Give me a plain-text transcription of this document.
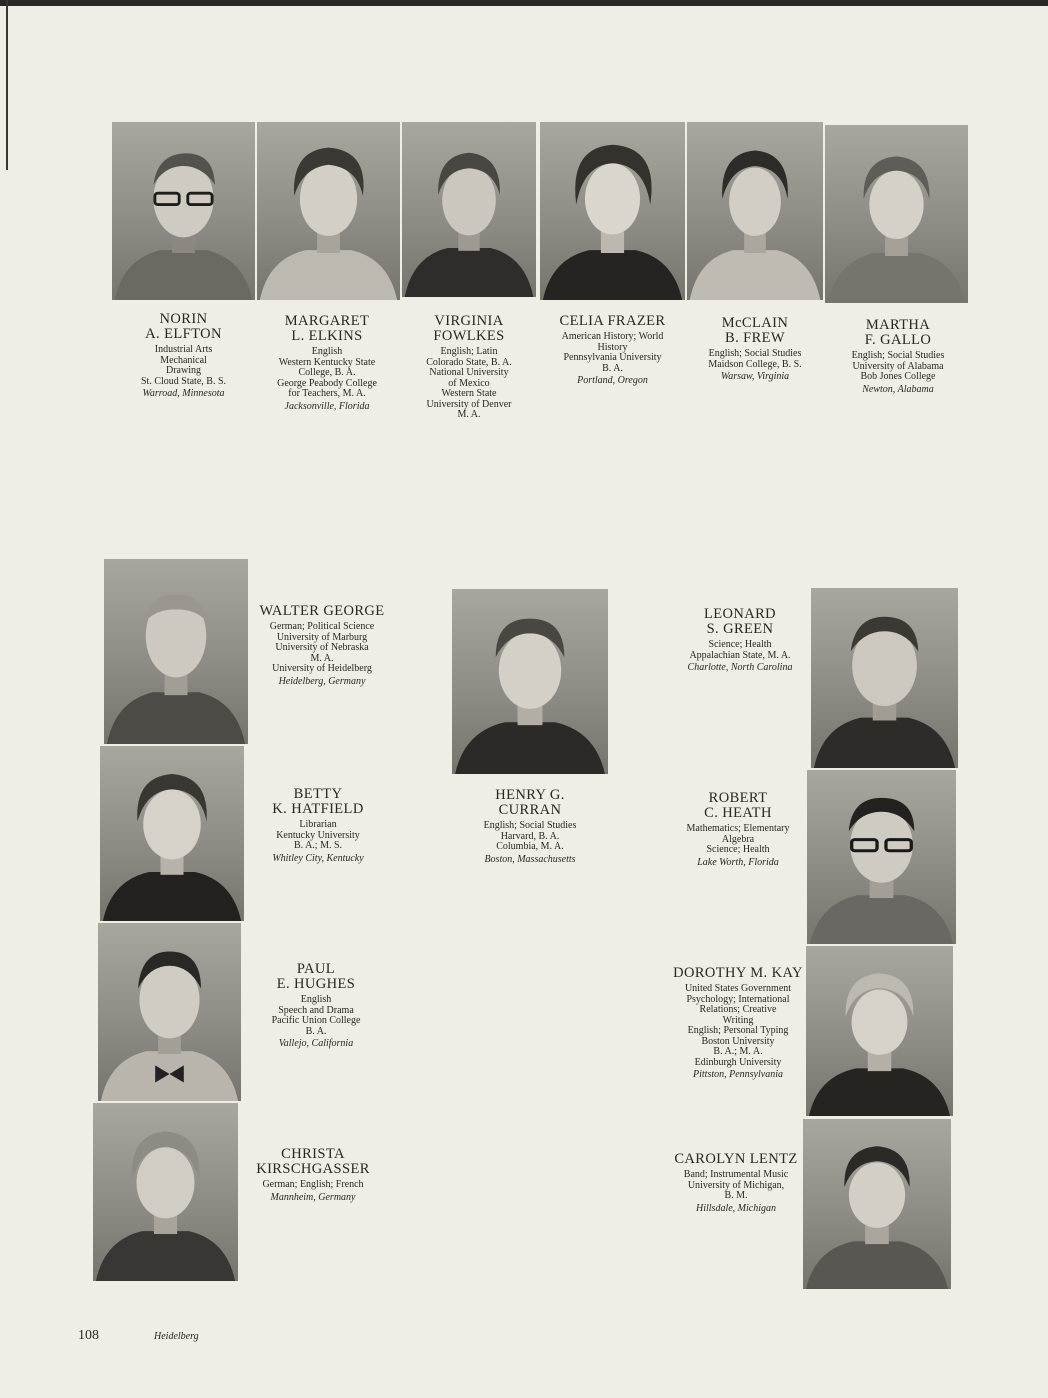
NORIN
A. ELFTON
Industrial Arts
Mechanical
Drawing
St. Cloud State, B. S.
Warroad, Minnesota
MARGARET
L. ELKINS
English
Western Kentucky State
College, B. A.
George Peabody College
for Teachers, M. A.
Jacksonville, Florida
VIRGINIA
FOWLKES
English; Latin
Colorado State, B. A.
National University
of Mexico
Western State
University of Denver
M. A.
CELIA FRAZER
American History; World
History
Pennsylvania University
B. A.
Portland, Oregon
McCLAIN
B. FREW
English; Social Studies
Maidson College, B. S.
Warsaw, Virginia
MARTHA
F. GALLO
English; Social Studies
University of Alabama
Bob Jones College
Newton, Alabama
WALTER GEORGE
German; Political Science
University of Marburg
University of Nebraska
M. A.
University of Heidelberg
Heidelberg, Germany
LEONARD
S. GREEN
Science; Health
Appalachian State, M. A.
Charlotte, North Carolina
BETTY
K. HATFIELD
Librarian
Kentucky University
B. A.; M. S.
Whitley City, Kentucky
HENRY G.
CURRAN
English; Social Studies
Harvard, B. A.
Columbia, M. A.
Boston, Massachusetts
ROBERT
C. HEATH
Mathematics; Elementary
Algebra
Science; Health
Lake Worth, Florida
PAUL
E. HUGHES
English
Speech and Drama
Pacific Union College
B. A.
Vallejo, California
DOROTHY M. KAY
United States Government
Psychology; International
Relations; Creative
Writing
English; Personal Typing
Boston University
B. A.; M. A.
Edinburgh University
Pittston, Pennsylvania
CHRISTA
KIRSCHGASSER
German; English; French
Mannheim, Germany
CAROLYN LENTZ
Band; Instrumental Music
University of Michigan,
B. M.
Hillsdale, Michigan
108	Heidelberg
